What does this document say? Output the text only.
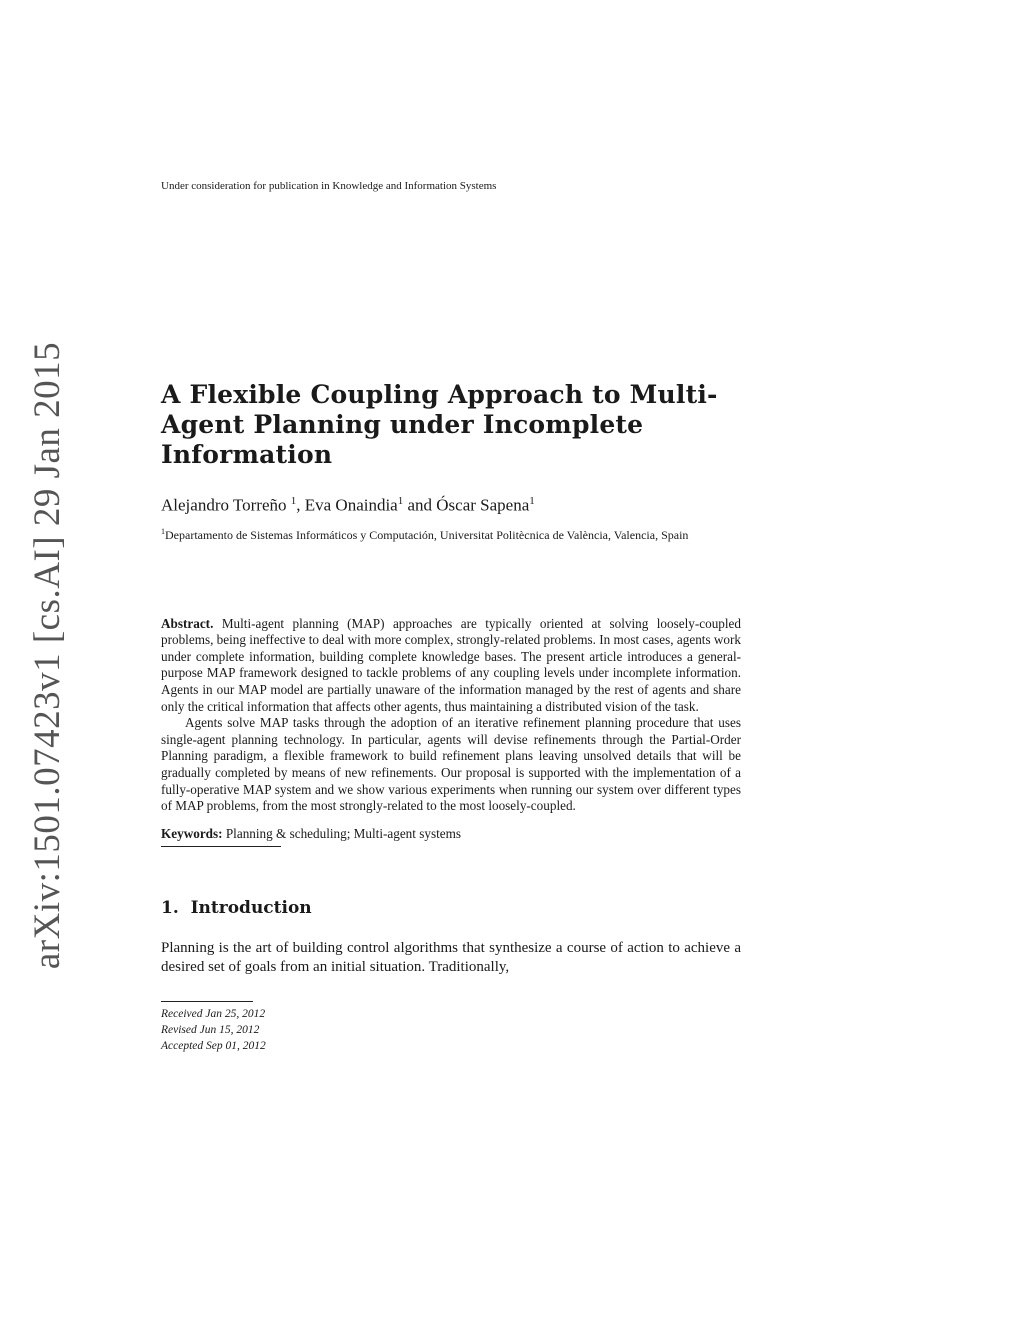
arXiv:1501.07423v1 [cs.AI] 29 Jan 2015
Under consideration for publication in Knowledge and Information Systems
A Flexible Coupling Approach to Multi-Agent Planning under Incomplete Information
Alejandro Torreño $^1$, Eva Onaindia$^1$ and Óscar Sapena$^1$
$^1$Departamento de Sistemas Informáticos y Computación, Universitat Politècnica de València, Valencia, Spain

Abstract. Multi-agent planning (MAP) approaches are typically oriented at solving loosely-coupled problems, being ineffective to deal with more complex, strongly-related problems. In most cases, agents work under complete information, building complete knowledge bases. The present article introduces a general-purpose MAP framework designed to tackle problems of any coupling levels under incomplete information. Agents in our MAP model are partially unaware of the information managed by the rest of agents and share only the critical information that affects other agents, thus maintaining a distributed vision of the task.

Agents solve MAP tasks through the adoption of an iterative refinement planning procedure that uses single-agent planning technology. In particular, agents will devise refinements through the Partial-Order Planning paradigm, a flexible framework to build refinement plans leaving unsolved details that will be gradually completed by means of new refinements. Our proposal is supported with the implementation of a fully-operative MAP system and we show various experiments when running our system over different types of MAP problems, from the most strongly-related to the most loosely-coupled.

Keywords: Planning & scheduling; Multi-agent systems
1. Introduction

Planning is the art of building control algorithms that synthesize a course of action to achieve a desired set of goals from an initial situation. Traditionally,

Received Jan 25, 2012
Revised Jun 15, 2012
Accepted Sep 01, 2012
